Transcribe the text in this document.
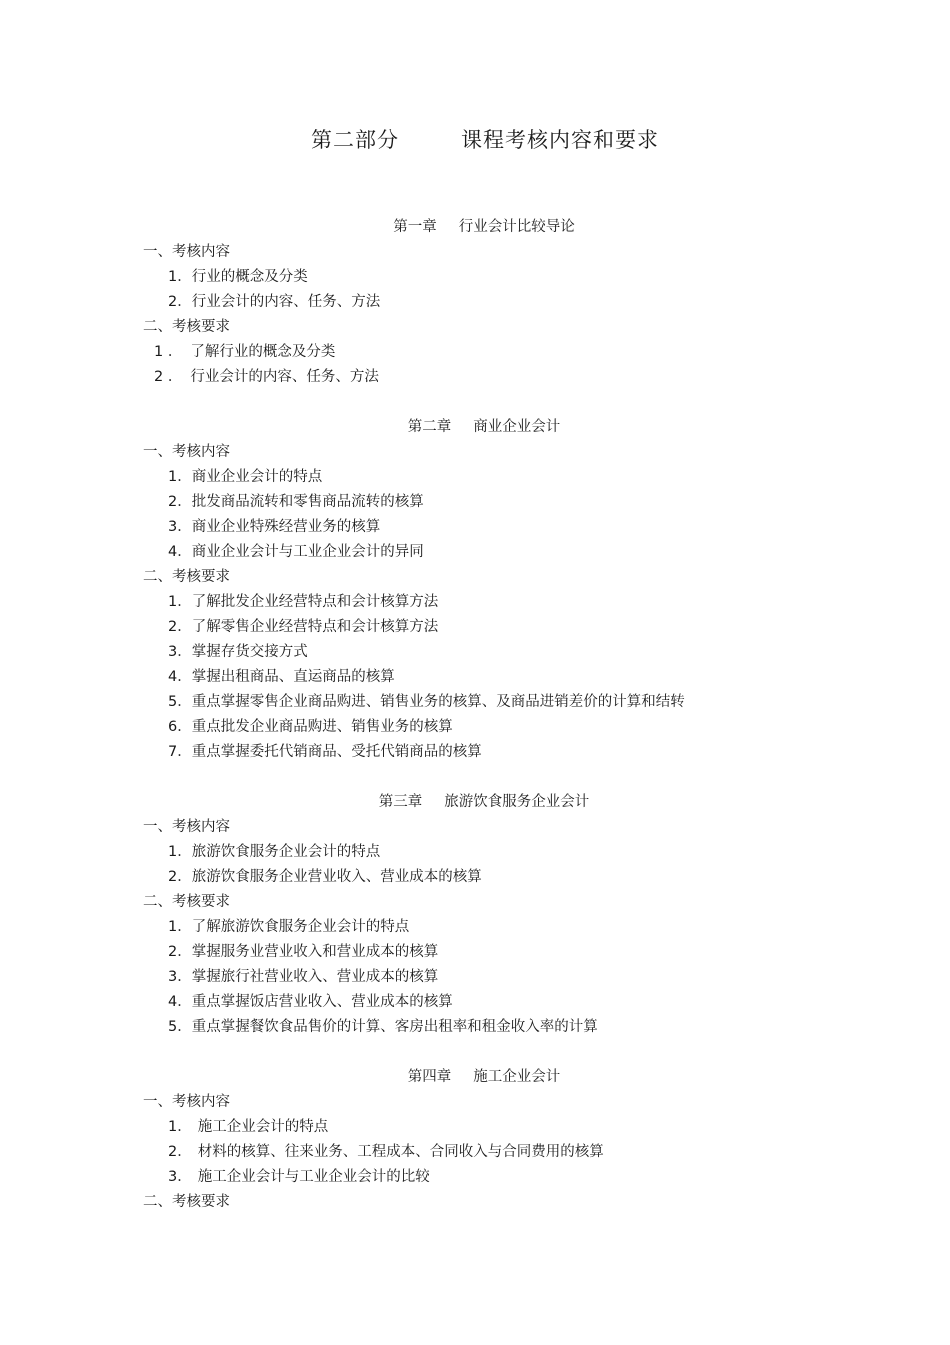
第二部分	课程考核内容和要求
第一章 行业会计比较导论
一、考核内容
1．行业的概念及分类
2．行业会计的内容、任务、方法
二、考核要求
1 ． 了解行业的概念及分类
2 ． 行业会计的内容、任务、方法
第二章 商业企业会计
一、考核内容
1．商业企业会计的特点
2．批发商品流转和零售商品流转的核算
3．商业企业特殊经营业务的核算
4．商业企业会计与工业企业会计的异同
二、考核要求
1．了解批发企业经营特点和会计核算方法
2．了解零售企业经营特点和会计核算方法
3．掌握存货交接方式
4．掌握出租商品、直运商品的核算
5．重点掌握零售企业商品购进、销售业务的核算、及商品进销差价的计算和结转
6．重点批发企业商品购进、销售业务的核算
7．重点掌握委托代销商品、受托代销商品的核算
第三章 旅游饮食服务企业会计
一、考核内容
1．旅游饮食服务企业会计的特点
2．旅游饮食服务企业营业收入、营业成本的核算
二、考核要求
1．了解旅游饮食服务企业会计的特点
2．掌握服务业营业收入和营业成本的核算
3．掌握旅行社营业收入、营业成本的核算
4．重点掌握饭店营业收入、营业成本的核算
5．重点掌握餐饮食品售价的计算、客房出租率和租金收入率的计算
第四章 施工企业会计
一、考核内容
1． 施工企业会计的特点
2． 材料的核算、往来业务、工程成本、合同收入与合同费用的核算
3． 施工企业会计与工业企业会计的比较
二、考核要求
